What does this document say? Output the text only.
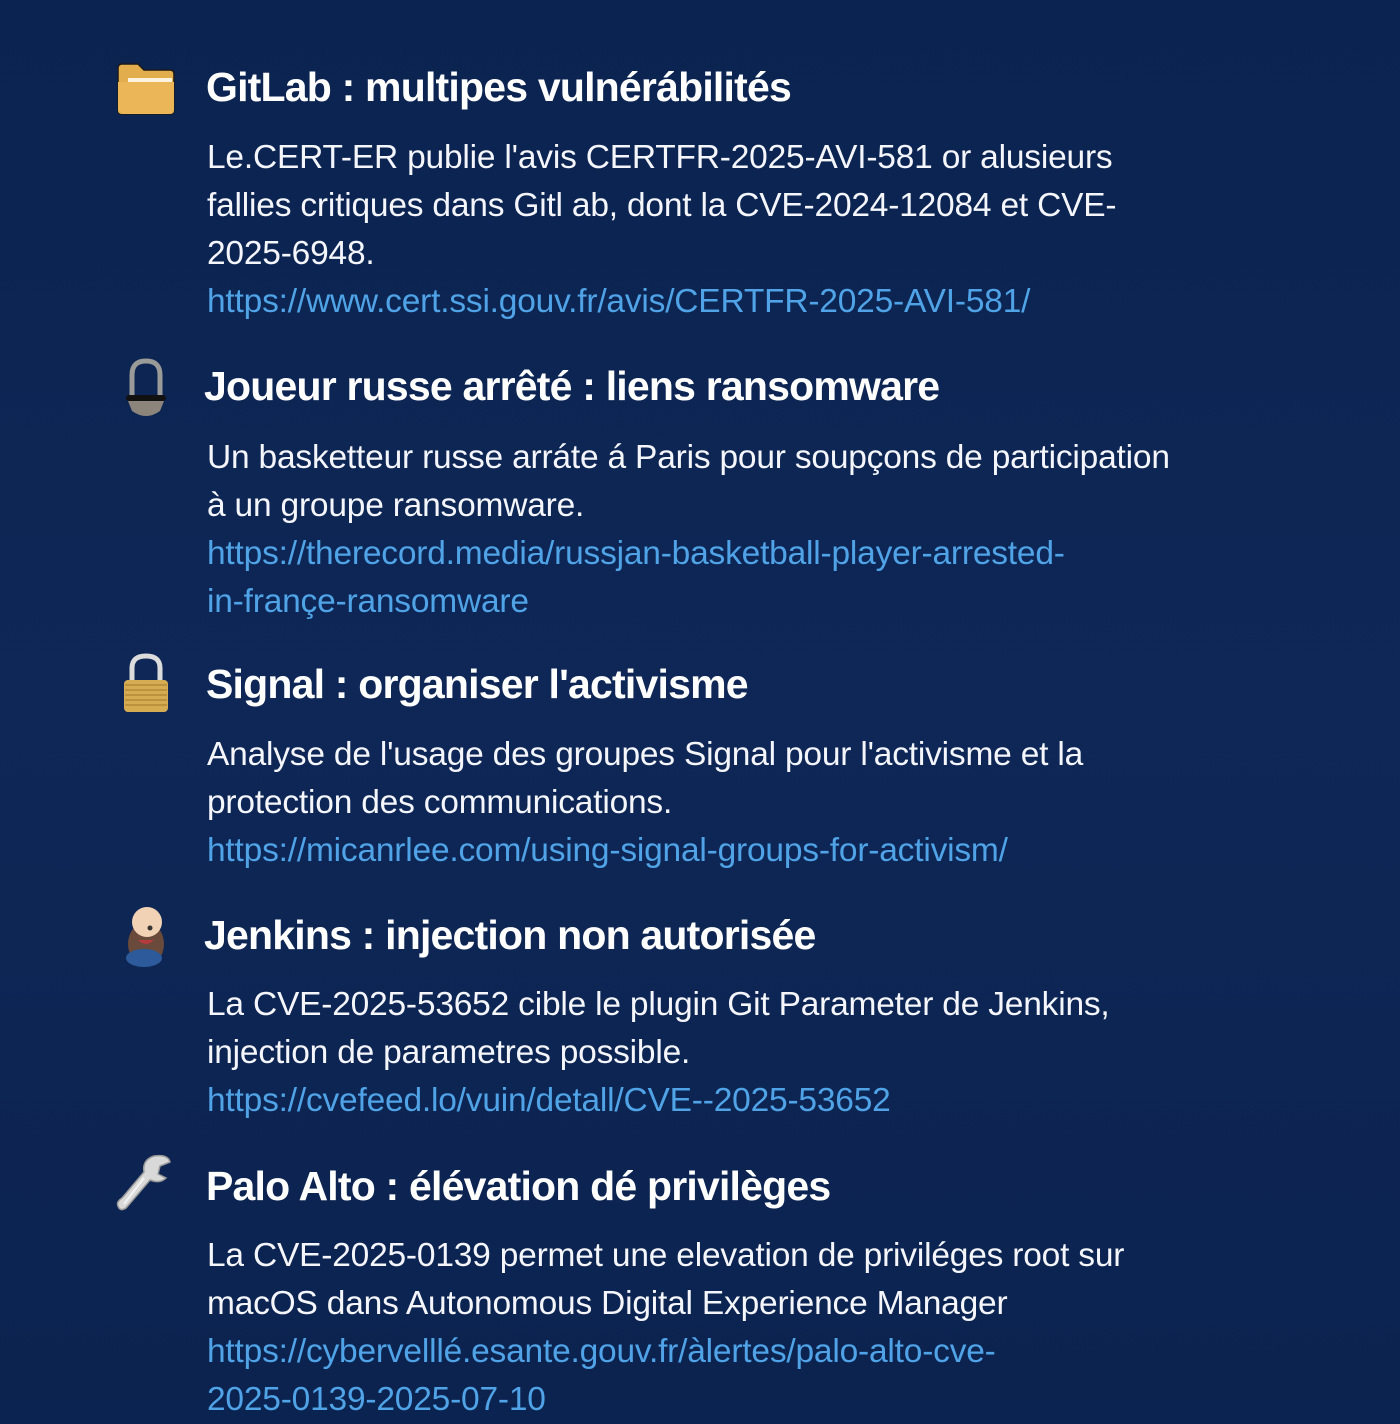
GitLab : multipes vulnérábilités

Le.CERT-ER publie l'avis CERTFR-2025-AVI-581 or alusieurs

fallies critiques dans Gitl ab, dont la CVE-2024-12084 et CVE-

2025-6948.

https://www.cert.ssi.gouv.fr/avis/CERTFR-2025-AVI-581/
Joueur russe arrêté : liens ransomware

Un basketteur russe arráte á Paris pour soupçons de participation

à un groupe ransomware.

https://therecord.media/russjan-basketball-player-arrested-
in-françe-ransomware
Signal : organiser l'activisme

Analyse de l'usage des groupes Signal pour l'activisme et la

protection des communications.

https://micanrlee.com/using-signal-groups-for-activism/
Jenkins : injection non autorisée

La CVE-2025-53652 cible le plugin Git Parameter de Jenkins,

injection de parametres possible.

https://cvefeed.lo/vuin/detall/CVE--2025-53652
Palo Alto : élévation dé privilèges

La CVE-2025-0139 permet une elevation de priviléges root sur

macOS dans Autonomous Digital Experience Manager

https://cybervelllé.esante.gouv.fr/àlertes/palo-alto-cve-
2025-0139-2025-07-10
